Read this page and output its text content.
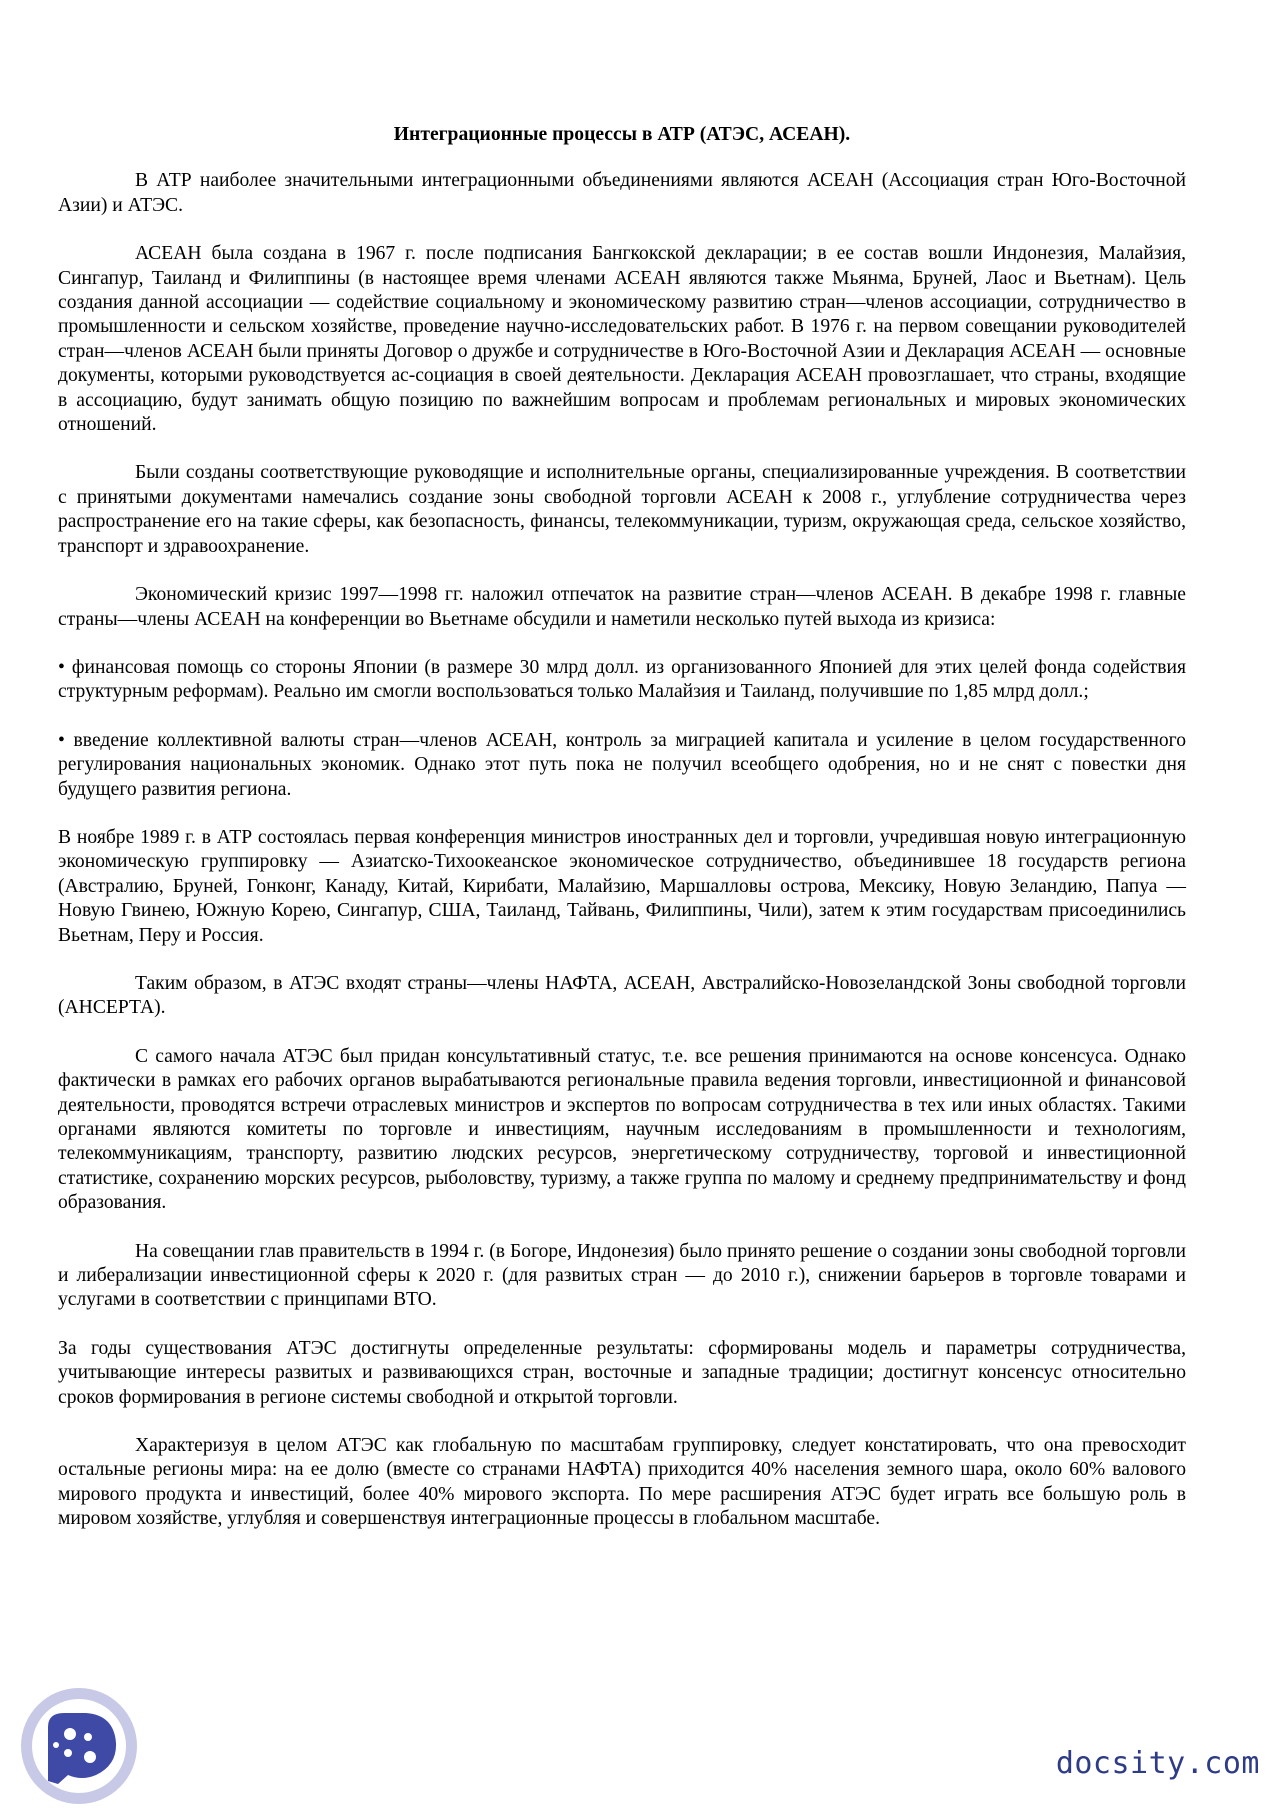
Интеграционные процессы в АТР (АТЭС, АСЕАН).

В АТР наиболее значительными интеграционными объединениями являются АСЕАН (Ассоциация стран Юго-Восточной Азии) и АТЭС.

АСЕАН была создана в 1967 г. после подписания Бангкокской декларации; в ее состав вошли Индонезия, Малайзия, Сингапур, Таиланд и Филиппины (в настоящее время членами АСЕАН являются также Мьянма, Бруней, Лаос и Вьетнам). Цель создания данной ассоциации — содействие социальному и экономическому развитию стран—членов ассоциации, сотрудничество в промышленности и сельском хозяйстве, проведение научно-исследовательских работ. В 1976 г. на первом совещании руководителей стран—членов АСЕАН были приняты Договор о дружбе и сотрудничестве в Юго-Восточной Азии и Декларация АСЕАН — основные документы, которыми руководствуется ас-социация в своей деятельности. Декларация АСЕАН провозглашает, что страны, входящие в ассоциацию, будут занимать общую позицию по важнейшим вопросам и проблемам региональных и мировых экономических отношений.

Были созданы соответствующие руководящие и исполнительные органы, специализированные учреждения. В соответствии с принятыми документами намечались создание зоны свободной торговли АСЕАН к 2008 г., углубление сотрудничества через распространение его на такие сферы, как безопасность, финансы, телекоммуникации, туризм, окружающая среда, сельское хозяйство, транспорт и здравоохранение.

Экономический кризис 1997—1998 гг. наложил отпечаток на развитие стран—членов АСЕАН. В декабре 1998 г. главные страны—члены АСЕАН на конференции во Вьетнаме обсудили и наметили несколько путей выхода из кризиса:

• финансовая помощь со стороны Японии (в размере 30 млрд долл. из организованного Японией для этих целей фонда содействия структурным реформам). Реально им смогли воспользоваться только Малайзия и Таиланд, получившие по 1,85 млрд долл.;

• введение коллективной валюты стран—членов АСЕАН, контроль за миграцией капитала и усиление в целом государственного регулирования национальных экономик. Однако этот путь пока не получил всеобщего одобрения, но и не снят с повестки дня будущего развития региона.

В ноябре 1989 г. в АТР состоялась первая конференция министров иностранных дел и торговли, учредившая новую интеграционную экономическую группировку — Азиатско-Тихоокеанское экономическое сотрудничество, объединившее 18 государств региона (Австралию, Бруней, Гонконг, Канаду, Китай, Кирибати, Малайзию, Маршалловы острова, Мексику, Новую Зеландию, Папуа — Новую Гвинею, Южную Корею, Сингапур, США, Таиланд, Тайвань, Филиппины, Чили), затем к этим государствам присоединились Вьетнам, Перу и Россия.

Таким образом, в АТЭС входят страны—члены НАФТА, АСЕАН, Австралийско-Новозеландской Зоны свободной торговли (АНСЕРТА).

С самого начала АТЭС был придан консультативный статус, т.е. все решения принимаются на основе консенсуса. Однако фактически в рамках его рабочих органов вырабатываются региональные правила ведения торговли, инвестиционной и финансовой деятельности, проводятся встречи отраслевых министров и экспертов по вопросам сотрудничества в тех или иных областях. Такими органами являются комитеты по торговле и инвестициям, научным исследованиям в промышленности и технологиям, телекоммуникациям, транспорту, развитию людских ресурсов, энергетическому сотрудничеству, торговой и инвестиционной статистике, сохранению морских ресурсов, рыболовству, туризму, а также группа по малому и среднему предпринимательству и фонд образования.

На совещании глав правительств в 1994 г. (в Богоре, Индонезия) было принято решение о создании зоны свободной торговли и либерализации инвестиционной сферы к 2020 г. (для развитых стран — до 2010 г.), снижении барьеров в торговле товарами и услугами в соответствии с принципами ВТО.

За годы существования АТЭС достигнуты определенные результаты: сформированы модель и параметры сотрудничества, учитывающие интересы развитых и развивающихся стран, восточные и западные традиции; достигнут консенсус относительно сроков формирования в регионе системы свободной и открытой торговли.

Характеризуя в целом АТЭС как глобальную по масштабам группировку, следует констатировать, что она превосходит остальные регионы мира: на ее долю (вместе со странами НАФТА) приходится 40% населения земного шара, около 60% валового мирового продукта и инвестиций, более 40% мирового экспорта. По мере расширения АТЭС будет играть все большую роль в мировом хозяйстве, углубляя и совершенствуя интеграционные процессы в глобальном масштабе.

docsity.com
